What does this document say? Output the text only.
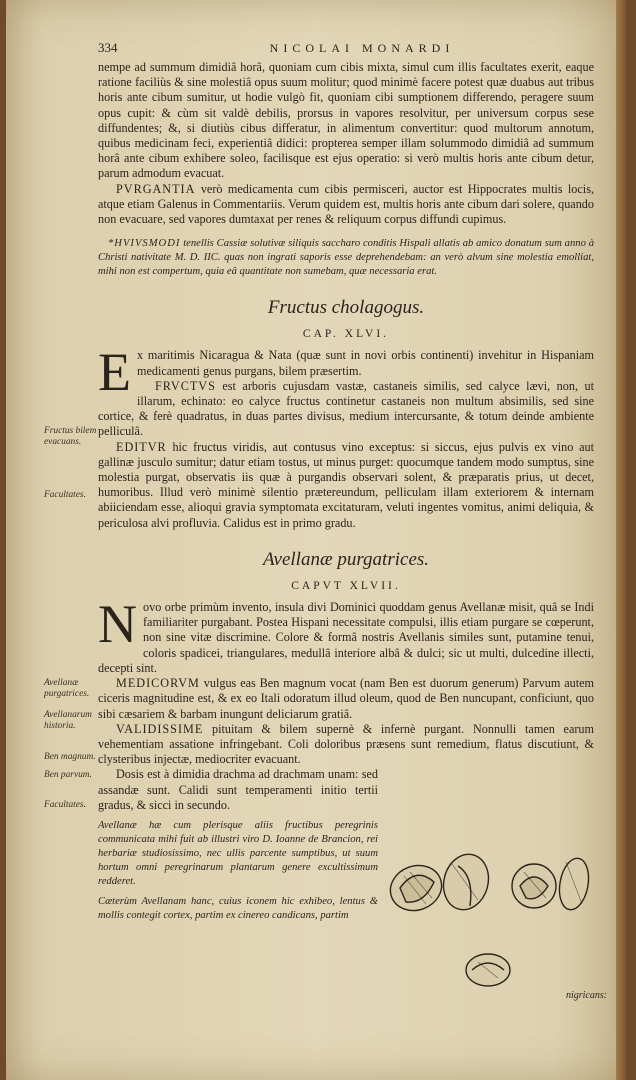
Fructus bilem evacuans.
Facultates.
Avellanæ purgatrices.
Avellanarum historia.
Ben magnum.
Ben parvum.
Facultates.
334	NICOLAI MONARDI

nempe ad summum dimidiâ horâ, quoniam cum cibis mixta, simul cum illis facultates exerit, eaque ratione faciliùs & sine molestiâ opus suum molitur; quod minimè facere potest quæ duabus aut tribus horis ante cibum sumitur, ut hodie vulgò fit, quoniam cibi sumptionem differendo, peragere suum opus cupit: & cùm sit valdè debilis, prorsus in vapores resolvitur, per universum corpus sese diffundentes; &, si diutiùs cibus differatur, in alimentum convertitur: quod multorum annotum, quibus medicinam feci, experientiâ didici: propterea semper illam solummodo dimidiâ ad summum horâ ante cibum exhibere soleo, facilisque est ejus operatio: si verò multis horis ante cibum detur, parum admodum evacuat.

PVRGANTIA verò medicamenta cum cibis permisceri, auctor est Hippocrates multis locis, atque etiam Galenus in Commentariis. Verum quidem est, multis horis ante cibum dari solere, quando non evacuare, sed vapores dumtaxat per renes & reliquum corpus diffundi cupimus.

*HVIVSMODI tenellis Cassiæ solutivæ siliquis saccharo conditis Hispali allatis ab amico donatum sum anno à Christi nativitate M. D. IIC. quas non ingrati saporis esse deprehendebam: an verò alvum sine molestia emolliat, mihi non est compertum, quia eâ quantitate non sumebam, quæ necessaria erat.

Fructus cholagogus.
CAP. XLVI.
E x maritimis Nicaragua & Nata (quæ sunt in novi orbis continenti) invehitur in Hispaniam medicamenti genus purgans, bilem præsertim.

FRVCTVS est arboris cujusdam vastæ, castaneis similis, sed calyce lævi, non, ut illarum, echinato: eo calyce fructus continetur castaneis non multum absimilis, sed sine cortice, & ferè quadratus, in duas partes divisus, medium intercursante, & totum deinde ambiente pelliculâ.

EDITVR hic fructus viridis, aut contusus vino exceptus: si siccus, ejus pulvis ex vino aut gallinæ jusculo sumitur; datur etiam tostus, ut minus purget: quocumque tandem modo sumptus, sine molestia purgat, observatis iis quæ à purgandis observari solent, & præparatis prius, ut decet, humoribus. Illud verò minimè silentio prætereundum, pelliculam illam exteriorem & internam abiiciendam esse, alioqui gravia symptomata excitaturam, veluti ingentes vomitus, animi deliquia, & periculosa alvi profluvia. Calidus est in primo gradu.

Avellanæ purgatrices.
CAPVT XLVII.
N ovo orbe primùm invento, insula divi Dominici quoddam genus Avellanæ misit, quâ se Indi familiariter purgabant. Postea Hispani necessitate compulsi, illis etiam purgare se cœperunt, non sine vitæ discrimine. Colore & formâ nostris Avellanis similes sunt, putamine tenui, coloris spadicei, triangulares, medullâ interiore albâ & dulci; sic ut multi, dulcedine illecti, decepti sint.

MEDICORVM vulgus eas Ben magnum vocat (nam Ben est duorum generum) Parvum autem ciceris magnitudine est, & ex eo Itali odoratum illud oleum, quod de Ben nuncupant, conficiunt, quo sibi cæsariem & barbam inungunt deliciarum gratiâ.

VALIDISSIME pituitam & bilem supernè & infernè purgant. Nonnulli tamen earum vehementiam assatione infringebant. Coli doloribus præsens sunt remedium, flatus discutiunt, & clysteribus injectæ, mediocriter evacuant.

Dosis est à dimidia drachma ad drachmam unam: sed assandæ sunt. Calidi sunt temperamenti initio tertii gradus, & sicci in secundo.

Avellanæ hæ cum plerisque aliis fructibus peregrinis communicata mihi fuit ab illustri viro D. Ioanne de Brancion, rei herbariæ studiosissimo, nec ullis parcente sumptibus, ut suum hortum omni peregrinarum plantarum genere excultissimum redderet.

Cæterùm Avellanam hanc, cuius iconem hic exhibeo, lentus & mollis contegit cortex, partim ex cinereo candicans, partim

nigricans:
